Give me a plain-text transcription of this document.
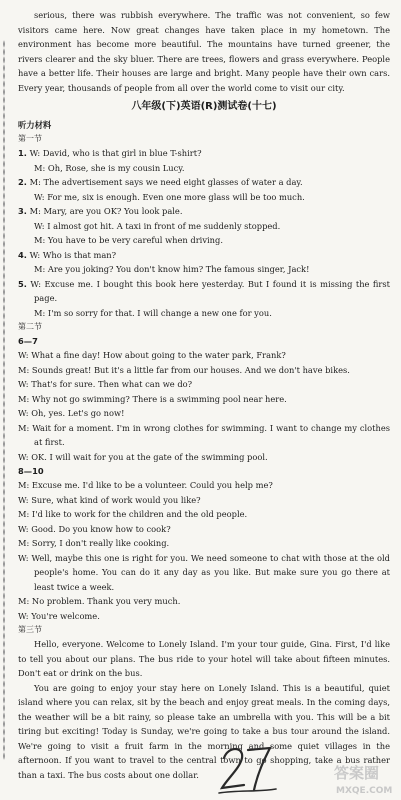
serious, there was rubbish everywhere. The traffic was not convenient, so few visitors came here. Now great changes have taken place in my hometown. The environment has become more beautiful. The mountains have turned greener, the rivers clearer and the sky bluer. There are trees, flowers and grass everywhere. People have a better life. Their houses are large and bright. Many people have their own cars. Every year, thousands of people from all over the world come to visit our city.

八年级(下)英语(R)测试卷(十七)
听力材料
第一节
1. W: David, who is that girl in blue T-shirt?
M: Oh, Rose, she is my cousin Lucy.
2. M: The advertisement says we need eight glasses of water a day.
W: For me, six is enough. Even one more glass will be too much.
3. M: Mary, are you OK? You look pale.
W: I almost got hit. A taxi in front of me suddenly stopped.
M: You have to be very careful when driving.
4. W: Who is that man?
M: Are you joking? You don't know him? The famous singer, Jack!
5. W: Excuse me. I bought this book here yesterday. But I found it is missing the first page.
M: I'm so sorry for that. I will change a new one for you.
第二节
6—7
W: What a fine day! How about going to the water park, Frank?
M: Sounds great! But it's a little far from our houses. And we don't have bikes.
W: That's for sure. Then what can we do?
M: Why not go swimming? There is a swimming pool near here.
W: Oh, yes. Let's go now!
M: Wait for a moment. I'm in wrong clothes for swimming. I want to change my clothes at first.
W: OK. I will wait for you at the gate of the swimming pool.
8—10
M: Excuse me. I'd like to be a volunteer. Could you help me?
W: Sure, what kind of work would you like?
M: I'd like to work for the children and the old people.
W: Good. Do you know how to cook?
M: Sorry, I don't really like cooking.
W: Well, maybe this one is right for you. We need someone to chat with those at the old people's home. You can do it any day as you like. But make sure you go there at least twice a week.
M: No problem. Thank you very much.
W: You're welcome.
第三节

Hello, everyone. Welcome to Lonely Island. I'm your tour guide, Gina. First, I'd like to tell you about our plans. The bus ride to your hotel will take about fifteen minutes. Don't eat or drink on the bus.

You are going to enjoy your stay here on Lonely Island. This is a beautiful, quiet island where you can relax, sit by the beach and enjoy great meals. In the coming days, the weather will be a bit rainy, so please take an umbrella with you. This will be a bit tiring but exciting! Today is Sunday, we're going to take a bus tour around the island. We're going to visit a fruit farm in the morning and some quiet villages in the afternoon. If you want to travel to the central town to go shopping, take a bus rather than a taxi. The bus costs about one dollar.	答案圈
MXQE.COM
